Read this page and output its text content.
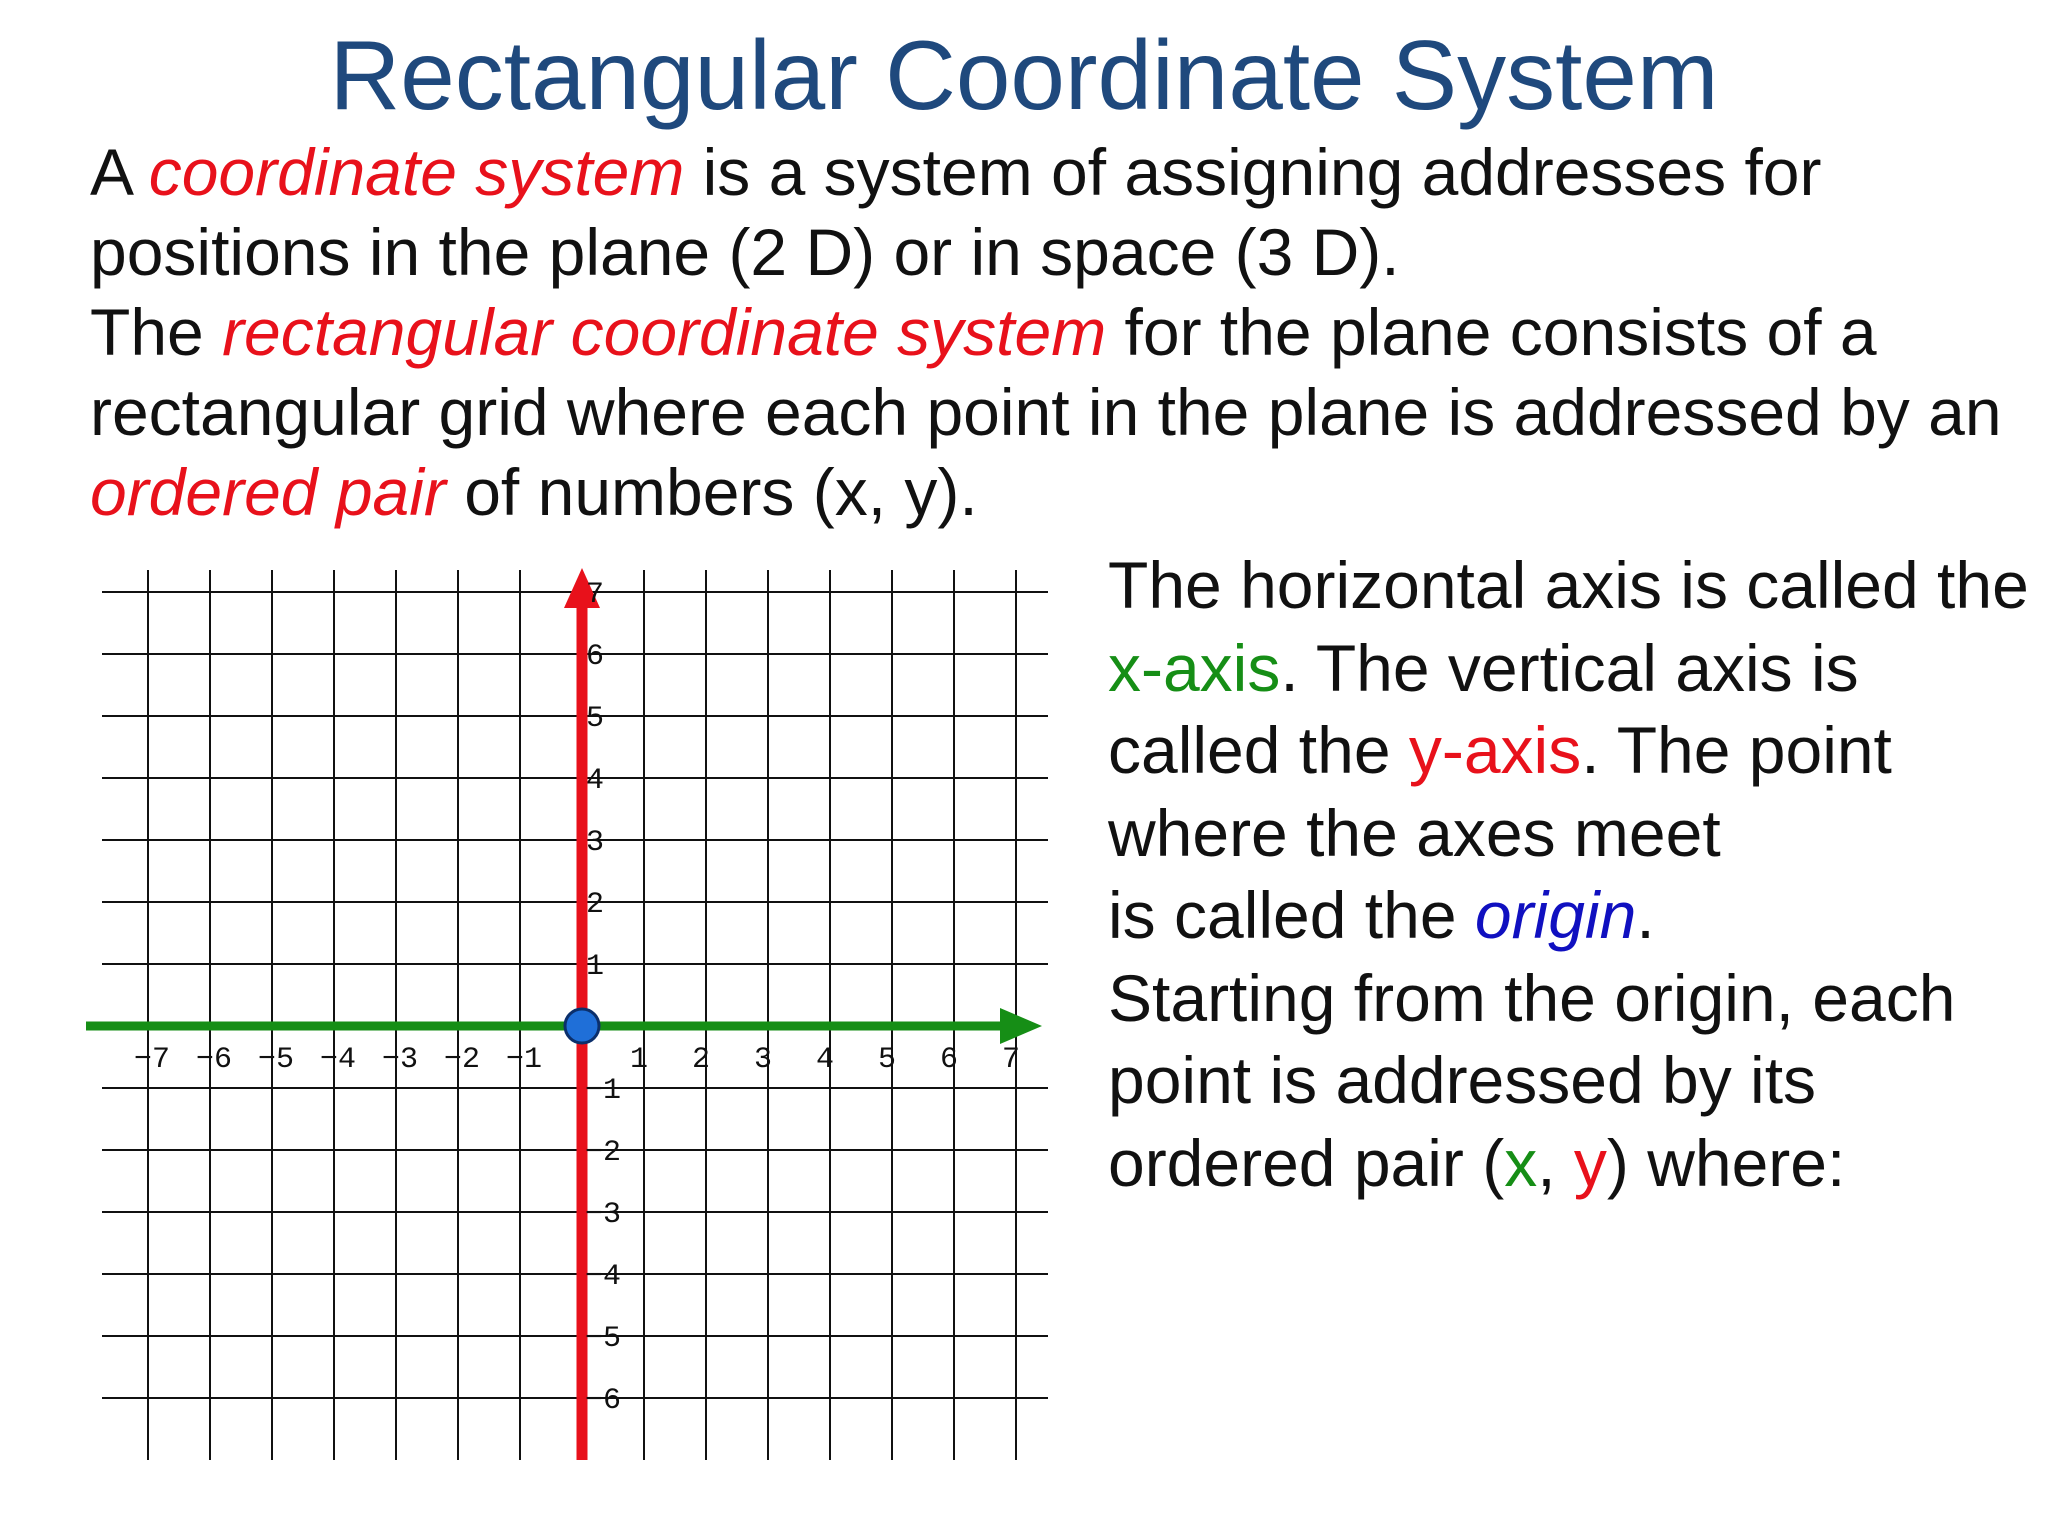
Rectangular Coordinate System

A coordinate system is a system of assigning addresses for positions in the plane (2 D) or in space (3 D).

The rectangular coordinate system for the plane consists of a rectangular grid where each point in the plane is addressed by an ordered pair of numbers (x, y).

−7 −6 −5 −4 −3 −2 −1	1 2 3 4 5 6 7
7
6
5
4
3
2
1
−1
−2
−3
−4
−5
−6
The horizontal axis is called the x-axis. The vertical axis is called the y-axis. The point where the axes meet
is called the origin.
Starting from the origin, each point is addressed by its ordered pair (x, y) where:
